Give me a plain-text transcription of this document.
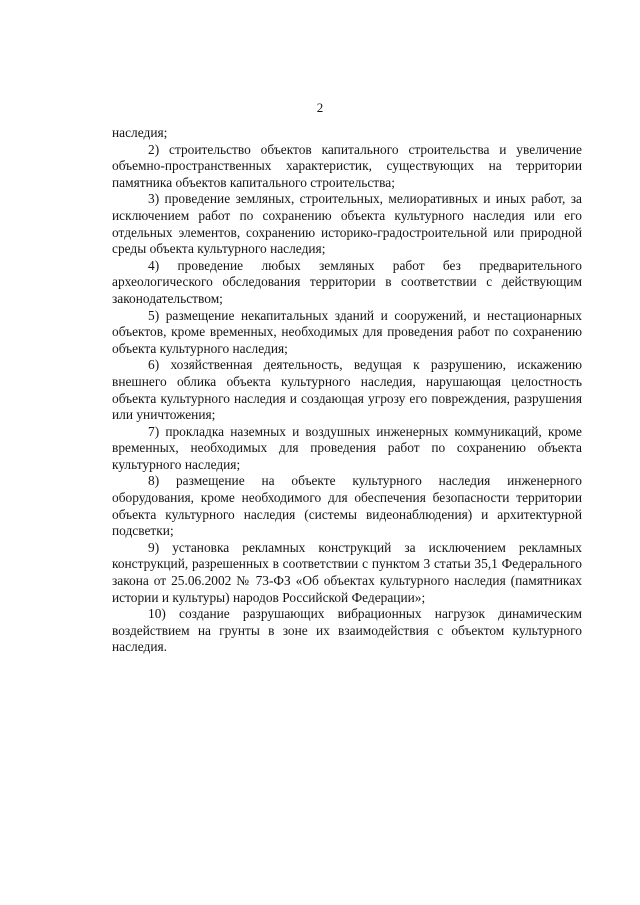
2

наследия;

2) строительство объектов капитального строительства и увеличение объемно-пространственных характеристик, существующих на территории памятника объектов капитального строительства;

3) проведение земляных, строительных, мелиоративных и иных работ, за исключением работ по сохранению объекта культурного наследия или его отдельных элементов, сохранению историко-градостроительной или природной среды объекта культурного наследия;

4) проведение любых земляных работ без предварительного археологического обследования территории в соответствии с действующим законодательством;

5) размещение некапитальных зданий и сооружений, и нестационарных объектов, кроме временных, необходимых для проведения работ по сохранению объекта культурного наследия;

6) хозяйственная деятельность, ведущая к разрушению, искажению внешнего облика объекта культурного наследия, нарушающая целостность объекта культурного наследия и создающая угрозу его повреждения, разрушения или уничтожения;

7) прокладка наземных и воздушных инженерных коммуникаций, кроме временных, необходимых для проведения работ по сохранению объекта культурного наследия;

8) размещение на объекте культурного наследия инженерного оборудования, кроме необходимого для обеспечения безопасности территории объекта культурного наследия (системы видеонаблюдения) и архитектурной подсветки;

9) установка рекламных конструкций за исключением рекламных конструкций, разрешенных в соответствии с пунктом 3 статьи 35,1 Федерального закона от 25.06.2002 № 73-ФЗ «Об объектах культурного наследия (памятниках истории и культуры) народов Российской Федерации»;

10) создание разрушающих вибрационных нагрузок динамическим воздействием на грунты в зоне их взаимодействия с объектом культурного наследия.
